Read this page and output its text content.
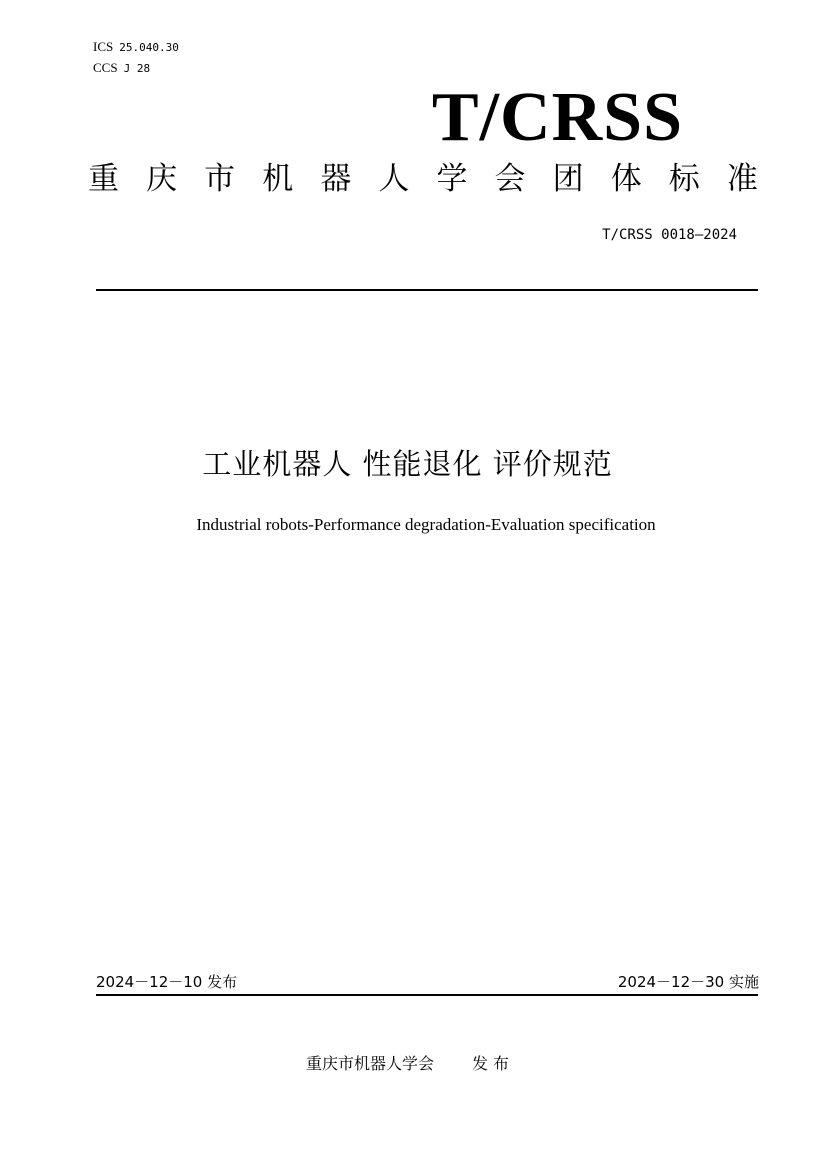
ICS 25.040.30
CCS J 28
T/CRSS
重 庆 市 机 器 人 学 会 团 体 标 准
T/CRSS 0018—2024
工业机器人 性能退化 评价规范
Industrial robots-Performance degradation-Evaluation specification
2024－12－10 发布	2024－12－30 实施
重庆市机器人学会 发 布
